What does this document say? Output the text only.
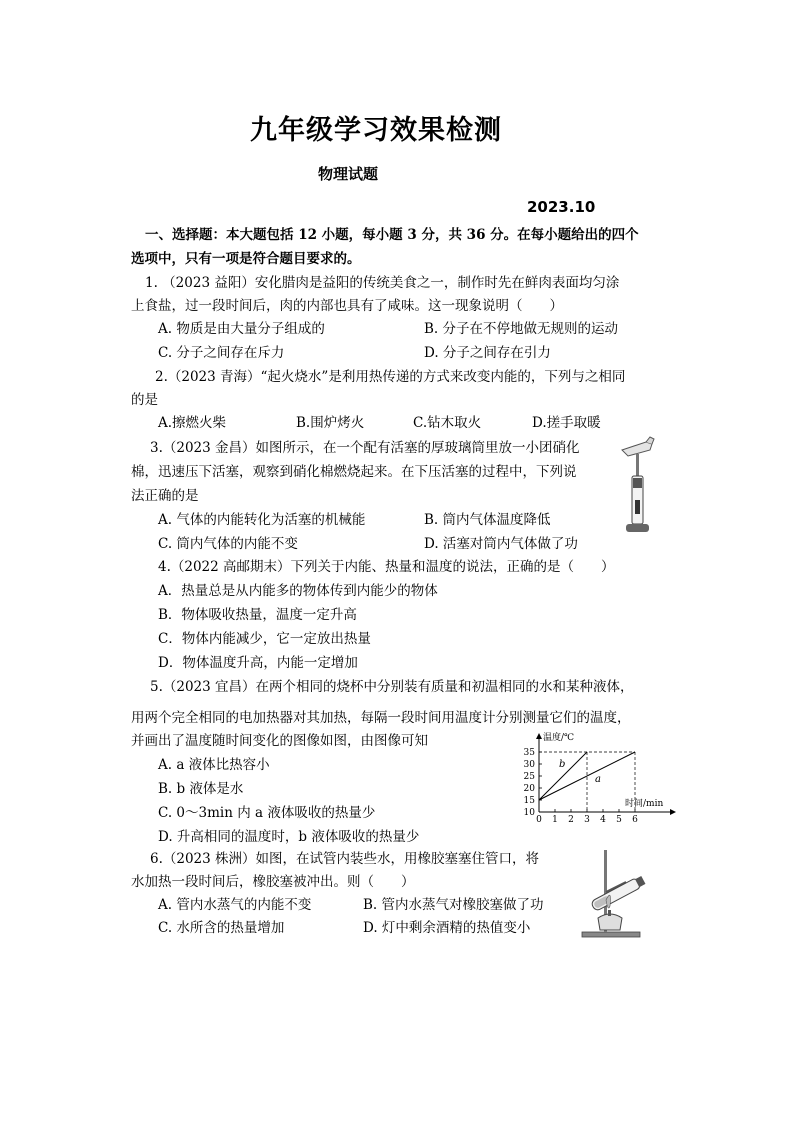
九年级学习效果检测
物理试题
2023.10
一、选择题：本大题包括 12 小题，每小题 3 分，共 36 分。在每小题给出的四个
选项中，只有一项是符合题目要求的。
1. （2023 益阳）安化腊肉是益阳的传统美食之一，制作时先在鲜肉表面均匀涂
上食盐，过一段时间后，肉的内部也具有了咸味。这一现象说明（　　）
A. 物质是由大量分子组成的	B. 分子在不停地做无规则的运动
C. 分子之间存在斥力	D. 分子之间存在引力
2.（2023 青海）“起火烧水”是利用热传递的方式来改变内能的，下列与之相同
的是
A.擦燃火柴	B.围炉烤火	C.钻木取火	D.搓手取暖
3.（2023 金昌）如图所示，在一个配有活塞的厚玻璃筒里放一小团硝化
棉，迅速压下活塞，观察到硝化棉燃烧起来。在下压活塞的过程中，下列说
法正确的是
A. 气体的内能转化为活塞的机械能	B. 筒内气体温度降低
C. 筒内气体的内能不变	D. 活塞对筒内气体做了功
4.（2022 高邮期末）下列关于内能、热量和温度的说法，正确的是（　　）
A．热量总是从内能多的物体传到内能少的物体
B．物体吸收热量，温度一定升高
C．物体内能减少，它一定放出热量
D．物体温度升高，内能一定增加
5.（2023 宜昌）在两个相同的烧杯中分别装有质量和初温相同的水和某种液体，
用两个完全相同的电加热器对其加热，每隔一段时间用温度计分别测量它们的温度，
并画出了温度随时间变化的图像如图，由图像可知
A. a 液体比热容小
B. b 液体是水
C. 0～3min 内 a 液体吸收的热量少
D. 升高相同的温度时，b 液体吸收的热量少
温度/℃
时间/min
0 1 2 3 4 5 6
10
15
20
25
30
35
b
a
6.（2023 株洲）如图，在试管内装些水，用橡胶塞塞住管口，将
水加热一段时间后，橡胶塞被冲出。则（　　）
A. 管内水蒸气的内能不变	B. 管内水蒸气对橡胶塞做了功
C. 水所含的热量增加	D. 灯中剩余酒精的热值变小
